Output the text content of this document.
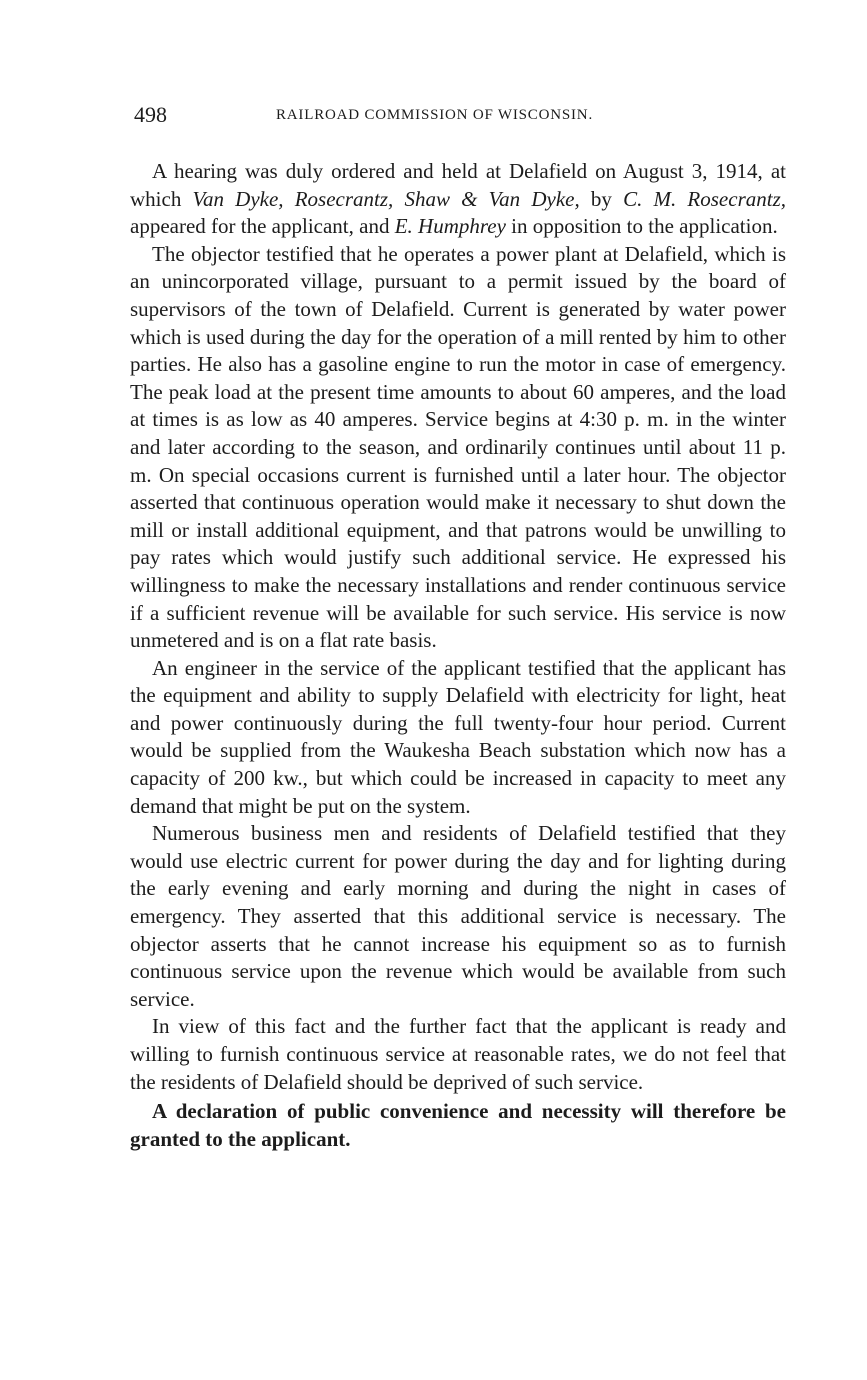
498	RAILROAD COMMISSION OF WISCONSIN.

A hearing was duly ordered and held at Delafield on August 3, 1914, at which Van Dyke, Rosecrantz, Shaw & Van Dyke, by C. M. Rosecrantz, appeared for the applicant, and E. Humphrey in opposition to the application.

The objector testified that he operates a power plant at Delafield, which is an unincorporated village, pursuant to a permit issued by the board of supervisors of the town of Delafield. Current is generated by water power which is used during the day for the operation of a mill rented by him to other parties. He also has a gasoline engine to run the motor in case of emergency. The peak load at the present time amounts to about 60 amperes, and the load at times is as low as 40 amperes. Service begins at 4:30 p. m. in the winter and later according to the season, and ordinarily continues until about 11 p. m. On special occasions current is furnished until a later hour. The objector asserted that continuous operation would make it necessary to shut down the mill or install additional equipment, and that patrons would be unwilling to pay rates which would justify such additional service. He expressed his willingness to make the necessary installations and render continuous service if a sufficient revenue will be available for such service. His service is now unmetered and is on a flat rate basis.

An engineer in the service of the applicant testified that the applicant has the equipment and ability to supply Delafield with electricity for light, heat and power continuously during the full twenty-four hour period. Current would be supplied from the Waukesha Beach substation which now has a capacity of 200 kw., but which could be increased in capacity to meet any demand that might be put on the system.

Numerous business men and residents of Delafield testified that they would use electric current for power during the day and for lighting during the early evening and early morning and during the night in cases of emergency. They asserted that this additional service is necessary. The objector asserts that he cannot increase his equipment so as to furnish continuous service upon the revenue which would be available from such service.

In view of this fact and the further fact that the applicant is ready and willing to furnish continuous service at reasonable rates, we do not feel that the residents of Delafield should be deprived of such service.

A declaration of public convenience and necessity will therefore be granted to the applicant.
